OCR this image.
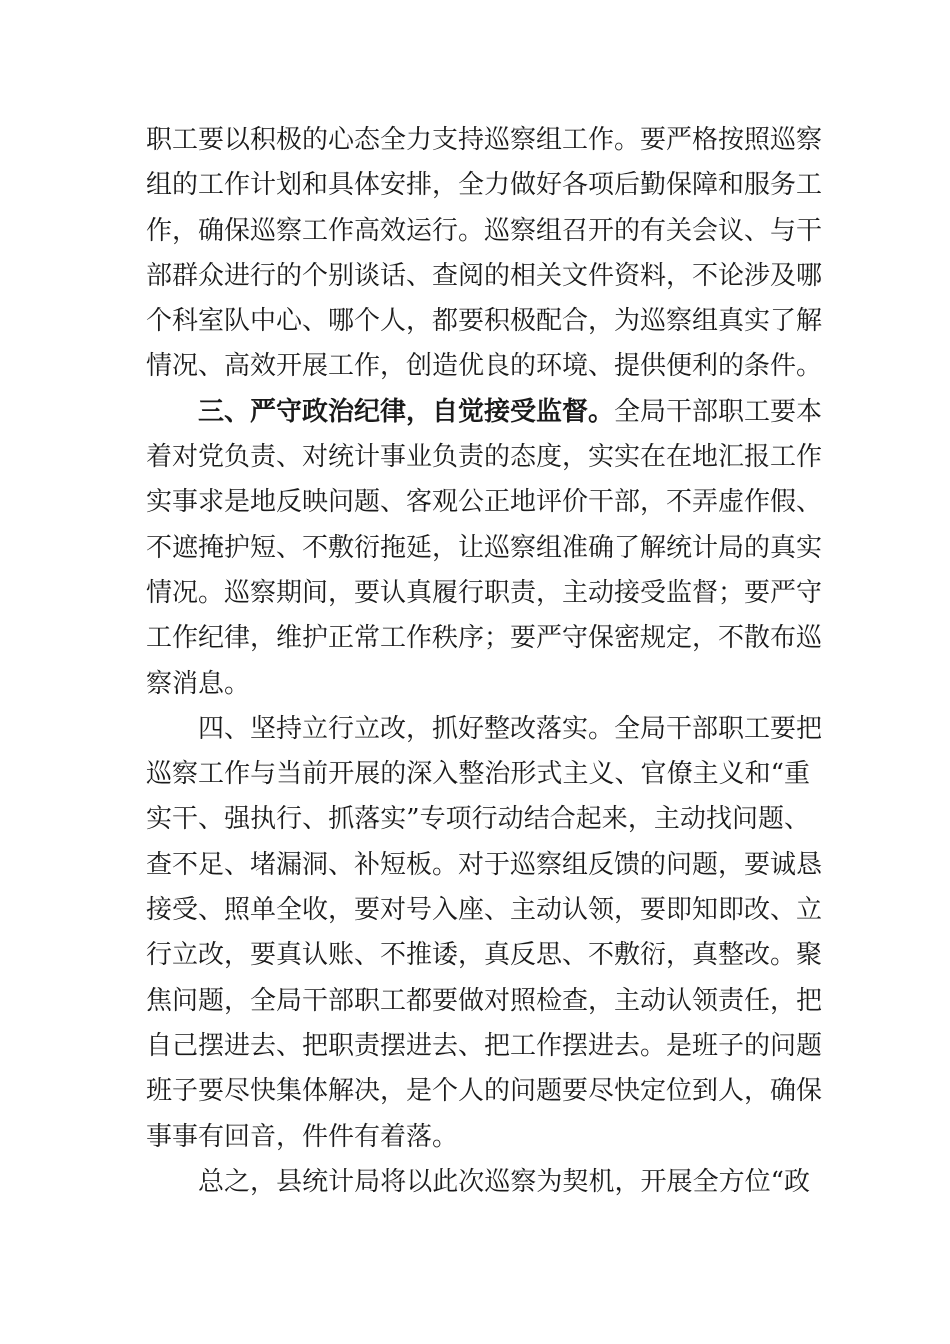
职工要以积极的心态全力支持巡察组工作。要严格按照巡察
组的工作计划和具体安排，全力做好各项后勤保障和服务工
作，确保巡察工作高效运行。巡察组召开的有关会议、与干
部群众进行的个别谈话、查阅的相关文件资料，不论涉及哪
个科室队中心、哪个人，都要积极配合，为巡察组真实了解
情况、高效开展工作，创造优良的环境、提供便利的条件。
三、严守政治纪律，自觉接受监督。全局干部职工要本
着对党负责、对统计事业负责的态度，实实在在地汇报工作
实事求是地反映问题、客观公正地评价干部，不弄虚作假、
不遮掩护短、不敷衍拖延，让巡察组准确了解统计局的真实
情况。巡察期间，要认真履行职责，主动接受监督；要严守
工作纪律，维护正常工作秩序；要严守保密规定，不散布巡
察消息。
四、坚持立行立改，抓好整改落实。全局干部职工要把
巡察工作与当前开展的深入整治形式主义、官僚主义和“重
实干、强执行、抓落实”专项行动结合起来，主动找问题、
查不足、堵漏洞、补短板。对于巡察组反馈的问题，要诚恳
接受、照单全收，要对号入座、主动认领，要即知即改、立
行立改，要真认账、不推诿，真反思、不敷衍，真整改。聚
焦问题，全局干部职工都要做对照检查，主动认领责任，把
自己摆进去、把职责摆进去、把工作摆进去。是班子的问题
班子要尽快集体解决，是个人的问题要尽快定位到人，确保
事事有回音，件件有着落。
总之，县统计局将以此次巡察为契机，开展全方位“政
